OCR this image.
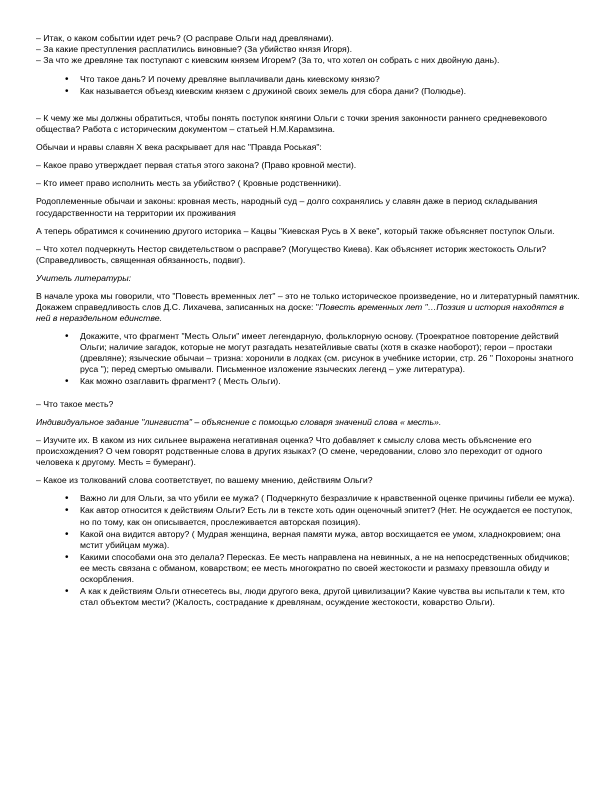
– Итак, о каком событии идет речь? (О расправе Ольги над древлянами).
– За какие преступления расплатились виновные? (За убийство князя Игоря).
– За что же древляне так поступают с киевским князем Игорем? (За то, что хотел он собрать с них двойную дань).
• Что такое дань? И почему древляне выплачивали дань киевскому князю?
• Как называется объезд киевским князем с дружиной своих земель для сбора дани? (Полюдье).

– К чему же мы должны обратиться, чтобы понять поступок княгини Ольги с точки зрения законности раннего средневекового общества? Работа с историческим документом – статьей Н.М.Карамзина.

Обычаи и нравы славян Х века раскрывает для нас "Правда Роськая":

– Какое право утверждает первая статья этого закона? (Право кровной мести).

– Кто имеет право исполнить месть за убийство? ( Кровные родственники).

Родоплеменные обычаи и законы: кровная месть, народный суд – долго сохранялись у славян даже в период складывания государственности на территории их проживания

А теперь обратимся к сочинению другого историка – Кацвы "Киевская Русь в Х веке", который также объясняет поступок Ольги.

– Что хотел подчеркнуть Нестор свидетельством о расправе? (Могущество Киева). Как объясняет историк жестокость Ольги? (Справедливость, священная обязанность, подвиг).

Учитель литературы:

В начале урока мы говорили, что "Повесть временных лет" – это не только историческое произведение, но и литературный памятник. Докажем справедливость слов Д.С. Лихачева, записанных на доске: "Повесть временных лет "…Поэзия и история находятся в ней в нераздельном единстве.

• Докажите, что фрагмент "Месть Ольги" имеет легендарную, фольклорную основу. (Троекратное повторение действий Ольги; наличие загадок, которые не могут разгадать незатейливые сваты (хотя в сказке наоборот); герои – простаки (древляне); языческие обычаи – тризна: хоронили в лодках (см. рисунок в учебнике истории, стр. 26 " Похороны знатного руса "); перед смертью омывали. Письменное изложение языческих легенд – уже литература).
• Как можно озаглавить фрагмент? ( Месть Ольги).

– Что такое месть?

Индивидуальное задание "лингвиста" – объяснение с помощью словаря значений слова « месть».

– Изучите их. В каком из них сильнее выражена негативная оценка? Что добавляет к смыслу слова месть объяснение его происхождения? О чем говорят родственные слова в других языках? (О смене, чередовании, слово зло переходит от одного человека к другому. Месть = бумеранг).

– Какое из толкований слова соответствует, по вашему мнению, действиям Ольги?

• Важно ли для Ольги, за что убили ее мужа? ( Подчеркнуто безразличие к нравственной оценке причины гибели ее мужа).
• Как автор относится к действиям Ольги? Есть ли в тексте хоть один оценочный эпитет? (Нет. Не осуждается ее поступок, но по тому, как он описывается, прослеживается авторская позиция).
• Какой она видится автору? ( Мудрая женщина, верная памяти мужа, автор восхищается ее умом, хладнокровием; она мстит убийцам мужа).
• Какими способами она это делала? Пересказ. Ее месть направлена на невинных, а не на непосредственных обидчиков; ее месть связана с обманом, коварством; ее месть многократно по своей жестокости и размаху превзошла обиду и оскорбления.
• А как к действиям Ольги отнесетесь вы, люди другого века, другой цивилизации? Какие чувства вы испытали к тем, кто стал объектом мести? (Жалость, сострадание к древлянам, осуждение жестокости, коварство Ольги).
